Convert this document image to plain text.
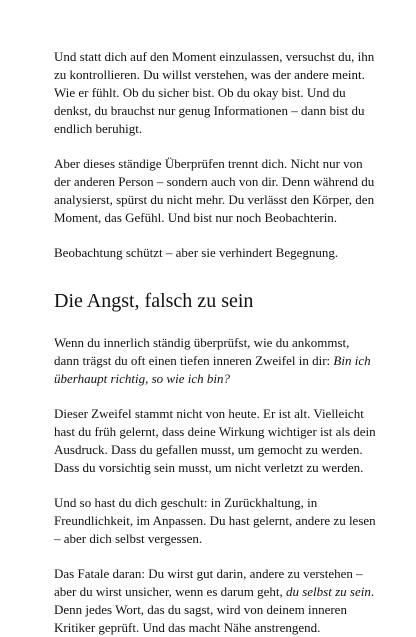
Und statt dich auf den Moment einzulassen, versuchst du, ihn zu kontrollieren. Du willst verstehen, was der andere meint. Wie er fühlt. Ob du sicher bist. Ob du okay bist. Und du denkst, du brauchst nur genug Informationen – dann bist du endlich beruhigt.

Aber dieses ständige Überprüfen trennt dich. Nicht nur von der anderen Person – sondern auch von dir. Denn während du analysierst, spürst du nicht mehr. Du verlässt den Körper, den Moment, das Gefühl. Und bist nur noch Beobachterin.

Beobachtung schützt – aber sie verhindert Begegnung.

Die Angst, falsch zu sein

Wenn du innerlich ständig überprüfst, wie du ankommst, dann trägst du oft einen tiefen inneren Zweifel in dir: Bin ich überhaupt richtig, so wie ich bin?

Dieser Zweifel stammt nicht von heute. Er ist alt. Vielleicht hast du früh gelernt, dass deine Wirkung wichtiger ist als dein Ausdruck. Dass du gefallen musst, um gemocht zu werden. Dass du vorsichtig sein musst, um nicht verletzt zu werden.

Und so hast du dich geschult: in Zurückhaltung, in Freundlichkeit, im Anpassen. Du hast gelernt, andere zu lesen – aber dich selbst vergessen.

Das Fatale daran: Du wirst gut darin, andere zu verstehen – aber du wirst unsicher, wenn es darum geht, du selbst zu sein. Denn jedes Wort, das du sagst, wird von deinem inneren Kritiker geprüft. Und das macht Nähe anstrengend.
